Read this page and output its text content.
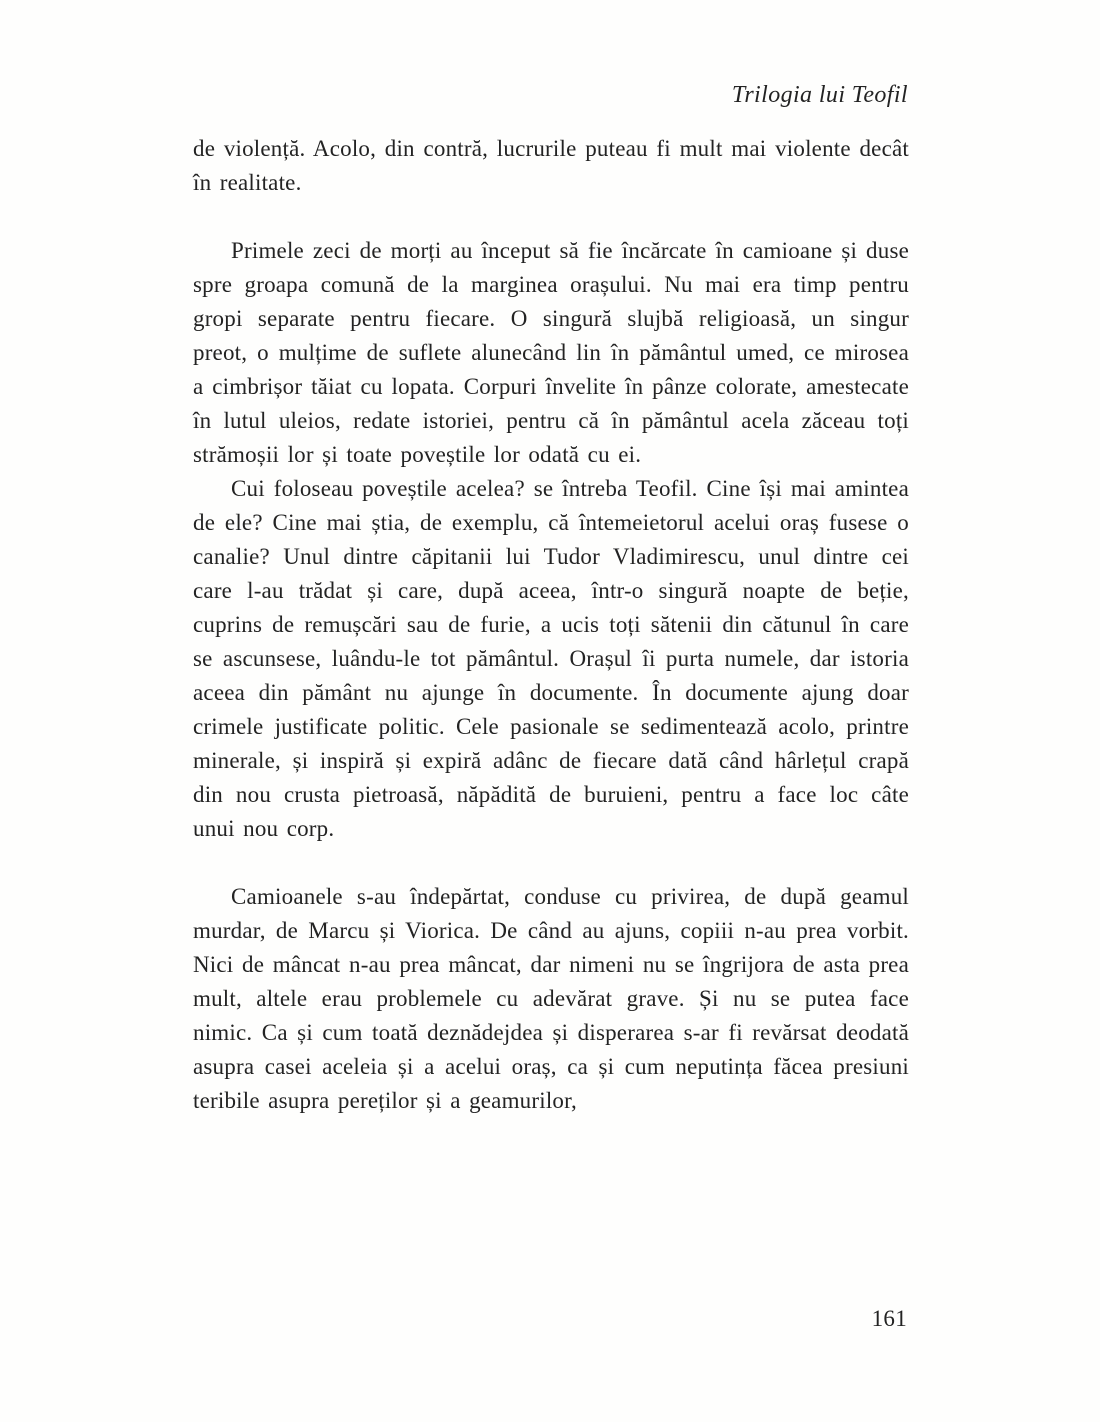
Trilogia lui Teofil

de violență. Acolo, din contră, lucrurile puteau fi mult mai violente decât în realitate.

Primele zeci de morți au început să fie încărcate în camioane și duse spre groapa comună de la marginea orașului. Nu mai era timp pentru gropi separate pentru fiecare. O singură slujbă religioasă, un singur preot, o mulțime de suflete alunecând lin în pământul umed, ce mirosea a cimbrișor tăiat cu lopata. Corpuri învelite în pânze colorate, amestecate în lutul uleios, redate istoriei, pentru că în pământul acela zăceau toți strămoșii lor și toate poveștile lor odată cu ei.

Cui foloseau poveștile acelea? se întreba Teofil. Cine își mai amintea de ele? Cine mai știa, de exemplu, că întemeietorul acelui oraș fusese o canalie? Unul dintre căpitanii lui Tudor Vladimirescu, unul dintre cei care l-au trădat și care, după aceea, într-o singură noapte de beție, cuprins de remușcări sau de furie, a ucis toți sătenii din cătunul în care se ascunsese, luându-le tot pământul. Orașul îi purta numele, dar istoria aceea din pământ nu ajunge în documente. În documente ajung doar crimele justificate politic. Cele pasionale se sedimentează acolo, printre minerale, și inspiră și expiră adânc de fiecare dată când hârlețul crapă din nou crusta pietroasă, năpădită de buruieni, pentru a face loc câte unui nou corp.

Camioanele s-au îndepărtat, conduse cu privirea, de după geamul murdar, de Marcu și Viorica. De când au ajuns, copiii n-au prea vorbit. Nici de mâncat n-au prea mâncat, dar nimeni nu se îngrijora de asta prea mult, altele erau problemele cu adevărat grave. Și nu se putea face nimic. Ca și cum toată deznădejdea și disperarea s-ar fi revărsat deodată asupra casei aceleia și a acelui oraș, ca și cum neputința făcea presiuni teribile asupra pereților și a geamurilor,

161
